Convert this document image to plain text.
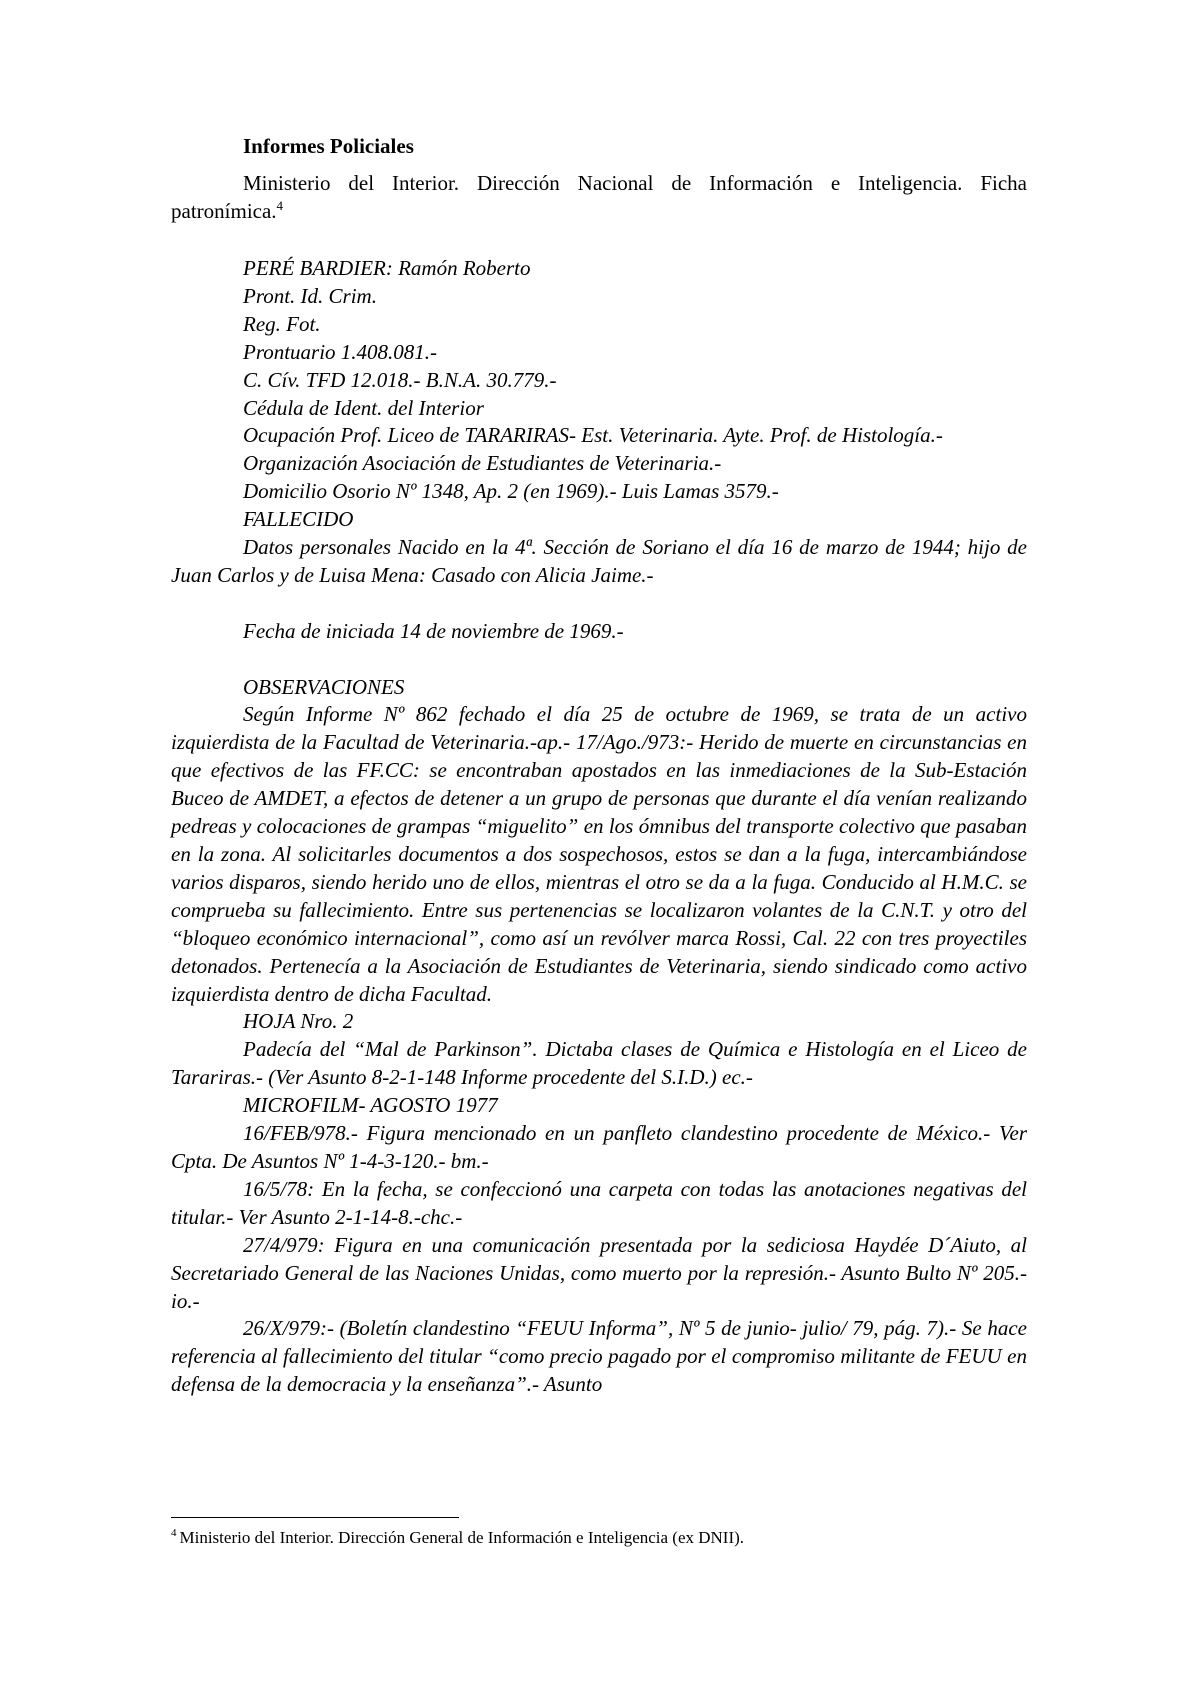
Informes Policiales

Ministerio del Interior. Dirección Nacional de Información e Inteligencia. Ficha patronímica.$^4$

PERÉ BARDIER: Ramón Roberto

Pront. Id. Crim.

Reg. Fot.

Prontuario 1.408.081.-

C. Cív. TFD 12.018.- B.N.A. 30.779.-

Cédula de Ident. del Interior

Ocupación Prof. Liceo de TARARIRAS- Est. Veterinaria. Ayte. Prof. de Histología.-

Organización Asociación de Estudiantes de Veterinaria.-

Domicilio Osorio Nº 1348, Ap. 2 (en 1969).- Luis Lamas 3579.-

FALLECIDO

Datos personales Nacido en la 4ª. Sección de Soriano el día 16 de marzo de 1944; hijo de Juan Carlos y de Luisa Mena: Casado con Alicia Jaime.-

Fecha de iniciada 14 de noviembre de 1969.-

OBSERVACIONES

Según Informe Nº 862 fechado el día 25 de octubre de 1969, se trata de un activo izquierdista de la Facultad de Veterinaria.-ap.- 17/Ago./973:- Herido de muerte en circunstancias en que efectivos de las FF.CC: se encontraban apostados en las inmediaciones de la Sub-Estación Buceo de AMDET, a efectos de detener a un grupo de personas que durante el día venían realizando pedreas y colocaciones de grampas “miguelito” en los ómnibus del transporte colectivo que pasaban en la zona. Al solicitarles documentos a dos sospechosos, estos se dan a la fuga, intercambiándose varios disparos, siendo herido uno de ellos, mientras el otro se da a la fuga. Conducido al H.M.C. se comprueba su fallecimiento. Entre sus pertenencias se localizaron volantes de la C.N.T. y otro del “bloqueo económico internacional”, como así un revólver marca Rossi, Cal. 22 con tres proyectiles detonados. Pertenecía a la Asociación de Estudiantes de Veterinaria, siendo sindicado como activo izquierdista dentro de dicha Facultad.

HOJA Nro. 2

Padecía del “Mal de Parkinson”. Dictaba clases de Química e Histología en el Liceo de Tarariras.- (Ver Asunto 8-2-1-148 Informe procedente del S.I.D.) ec.-

MICROFILM- AGOSTO 1977

16/FEB/978.- Figura mencionado en un panfleto clandestino procedente de México.- Ver Cpta. De Asuntos Nº 1-4-3-120.- bm.-

16/5/78: En la fecha, se confeccionó una carpeta con todas las anotaciones negativas del titular.- Ver Asunto 2-1-14-8.-chc.-

27/4/979: Figura en una comunicación presentada por la sediciosa Haydée D´Aiuto, al Secretariado General de las Naciones Unidas, como muerto por la represión.- Asunto Bulto Nº 205.-io.-

26/X/979:- (Boletín clandestino “FEUU Informa”, Nº 5 de junio- julio/ 79, pág. 7).- Se hace referencia al fallecimiento del titular “como precio pagado por el compromiso militante de FEUU en defensa de la democracia y la enseñanza”.- Asunto

$^4$ Ministerio del Interior. Dirección General de Información e Inteligencia (ex DNII).
